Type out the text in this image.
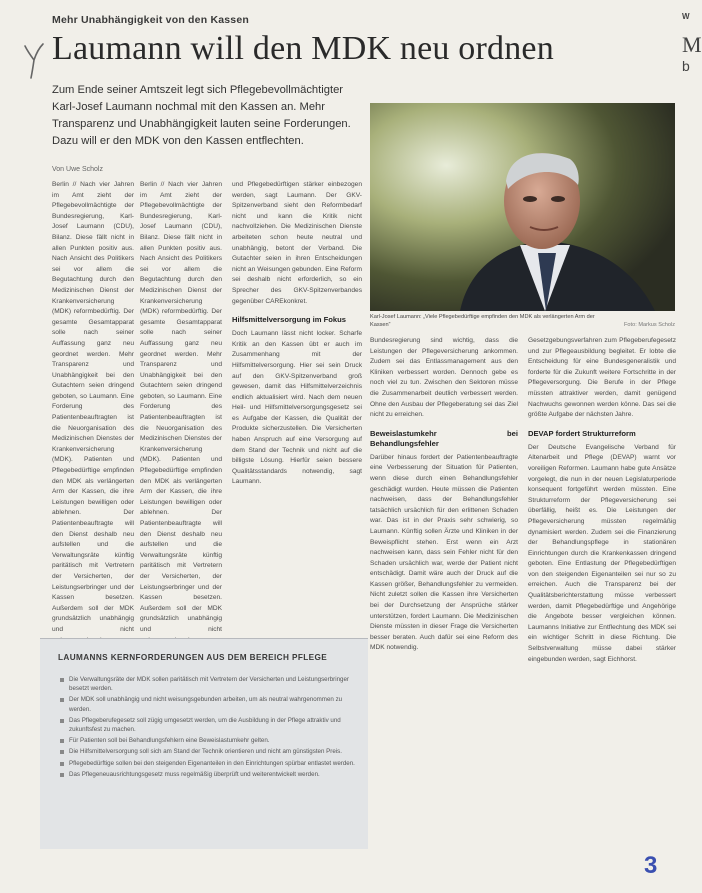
Mehr Unabhängigkeit von den Kassen
Laumann will den MDK neu ordnen
Zum Ende seiner Amtszeit legt sich Pflegebevollmächtigter Karl-Josef Laumann nochmal mit den Kassen an. Mehr Transparenz und Unabhängigkeit lauten seine Forderungen. Dazu will er den MDK von den Kassen entflechten.
Von Uwe Scholz

Berlin // Nach vier Jahren im Amt zieht der Pflegebevollmächtigte der Bundesregierung, Karl-Josef Laumann (CDU), Bilanz. Diese fällt nicht in allen Punkten positiv aus. Nach Ansicht des Politikers sei vor allem die Begutachtung durch den Medizinischen Dienst der Krankenversicherung (MDK) reformbedürftig. Der gesamte Gesamtapparat solle nach seiner Auffassung ganz neu geordnet werden. Mehr Transparenz und Unabhängigkeit bei den Gutachtern seien dringend geboten, so Laumann. Eine Forderung des Patientenbeauftragten ist die Neuorganisation des Medizinischen Dienstes der Krankenversicherung (MDK). Patienten und Pflegebedürftige empfinden den MDK als verlängerten Arm der Kassen, die ihre Leistungen bewilligen oder ablehnen. Der Patientenbeauftragte will den Dienst deshalb neu aufstellen und die Verwaltungsräte künftig paritätisch mit Vertretern der Versicherten, der Leistungserbringer und der Kassen besetzen. Außerdem soll der MDK grundsätzlich unabhängig und nicht

Berlin // Nach vier Jahren im Amt zieht der Pflegebevollmächtigte der Bundesregierung, Karl-Josef Laumann (CDU), Bilanz. Diese fällt nicht in allen Punkten positiv aus. Nach Ansicht des Politikers sei vor allem die Begutachtung durch den Medizinischen Dienst der Krankenversicherung (MDK) reformbedürftig. Der gesamte Gesamtapparat solle nach seiner Auffassung ganz neu geordnet werden. Mehr Transparenz und Unabhängigkeit bei den Gutachtern seien dringend geboten, so Laumann. Eine Forderung des Patientenbeauftragten ist die Neuorganisation des Medizinischen Dienstes der Krankenversicherung (MDK). Patienten und Pflegebedürftige empfinden den MDK als verlängerten Arm der Kassen, die ihre Leistungen bewilligen oder ablehnen. Der Patientenbeauftragte will den Dienst deshalb neu aufstellen und die Verwaltungsräte künftig paritätisch mit Vertretern der Versicherten, der Leistungserbringer und der Kassen besetzen. Außerdem soll der MDK grundsätzlich unabhängig und nicht

und Pflegebedürftigen stärker einbezogen werden, sagt Laumann. Der GKV-Spitzenverband sieht den Reformbedarf nicht und kann die Kritik nicht nachvollziehen. Die Medizinischen Dienste arbeiteten schon heute neutral und unabhängig, betont der Verband. Die Gutachter seien in ihren Entscheidungen nicht an Weisungen gebunden. Eine Reform sei deshalb nicht erforderlich, so ein Sprecher des GKV-Spitzenverbandes gegenüber CAREkonkret.

Hilfsmittelversorgung im Fokus

Doch Laumann lässt nicht locker. Scharfe Kritik an den Kassen übt er auch im Zusammenhang mit der Hilfsmittelversorgung. Hier sei sein Druck auf den GKV-Spitzenverband groß gewesen, damit das Hilfsmittelverzeichnis endlich aktualisiert wird. Nach dem neuen Heil- und Hilfsmittelversorgungsgesetz sei es Aufgabe der Kassen, die Qualität der Produkte sicherzustellen. Die Versicherten haben Anspruch auf eine Versorgung auf dem Stand der Technik und nicht auf die billigste Lösung. Hierfür seien bessere Qualitätsstandards notwendig, sagt Laumann.

Karl-Josef Laumann: „Viele Pflegebedürftige empfinden den MDK als verlängerten Arm der Kassen“	Foto: Markus Scholz

Bundesregierung sind wichtig, dass die Leistungen der Pflegeversicherung ankommen. Zudem sei das Entlassmanagement aus den Kliniken verbessert worden. Dennoch gebe es noch viel zu tun. Zwischen den Sektoren müsse die Zusammenarbeit deutlich verbessert werden. Ohne den Ausbau der Pflegeberatung sei das Ziel nicht zu erreichen.

Beweislastumkehr bei Behandlungsfehler

Darüber hinaus fordert der Patientenbeauftragte eine Verbesserung der Situation für Patienten, wenn diese durch einen Behandlungsfehler geschädigt wurden. Heute müssen die Patienten nachweisen, dass der Behandlungsfehler tatsächlich ursächlich für den erlittenen Schaden war. Das ist in der Praxis sehr schwierig, so Laumann. Künftig sollen Ärzte und Kliniken in der Beweispflicht stehen. Erst wenn ein Arzt nachweisen kann, dass sein Fehler nicht für den Schaden ursächlich war, werde der Patient nicht entschädigt. Damit wäre auch der Druck auf die Kassen größer, Behandlungsfehler zu vermeiden. Nicht zuletzt sollen die Kassen ihre Versicherten bei der Durchsetzung der Ansprüche stärker unterstützen, fordert Laumann. Die Medizinischen Dienste müssten in dieser Frage die Versicherten besser beraten. Auch dafür sei eine Reform des MDK notwendig.

Gesetzgebungsverfahren zum Pflegeberufegesetz und zur Pflegeausbildung begleitet. Er lobte die Entscheidung für eine Bundesgeneralistik und forderte für die Zukunft weitere Fortschritte in der Pflegeversorgung. Die Berufe in der Pflege müssten attraktiver werden, damit genügend Nachwuchs gewonnen werden könne. Das sei die größte Aufgabe der nächsten Jahre.

DEVAP fordert Strukturreform

Der Deutsche Evangelische Verband für Altenarbeit und Pflege (DEVAP) warnt vor voreiligen Reformen. Laumann habe gute Ansätze vorgelegt, die nun in der neuen Legislaturperiode konsequent fortgeführt werden müssten. Eine Strukturreform der Pflegeversicherung sei überfällig, heißt es. Die Leistungen der Pflegeversicherung müssten regelmäßig dynamisiert werden. Zudem sei die Finanzierung der Behandlungspflege in stationären Einrichtungen durch die Krankenkassen dringend geboten. Eine Entlastung der Pflegebedürftigen von den steigenden Eigenanteilen sei nur so zu erreichen. Auch die Transparenz bei der Qualitätsberichterstattung müsse verbessert werden, damit Pflegebedürftige und Angehörige die Angebote besser vergleichen können. Laumanns Initiative zur Entflechtung des MDK sei ein wichtiger Schritt in diese Richtung. Die Selbstverwaltung müsse dabei stärker eingebunden werden, sagt Eichhorst.

LAUMANNS KERNFORDERUNGEN AUS DEM BEREICH PFLEGE
Die Verwaltungsräte der MDK sollen paritätisch mit Vertretern der Versicherten und Leistungserbringer besetzt werden.
Der MDK soll unabhängig und nicht weisungsgebunden arbeiten, um als neutral wahrgenommen zu werden.
Das Pflegeberufegesetz soll zügig umgesetzt werden, um die Ausbildung in der Pflege attraktiv und zukunftsfest zu machen.
Für Patienten soll bei Behandlungsfehlern eine Beweislastumkehr gelten.
Die Hilfsmittelversorgung soll sich am Stand der Technik orientieren und nicht am günstigsten Preis.
Pflegebedürftige sollen bei den steigenden Eigenanteilen in den Einrichtungen spürbar entlastet werden.
Das Pflegeneuausrichtungsgesetz muss regelmäßig überprüft und weiterentwickelt werden.
W
M
b
3
